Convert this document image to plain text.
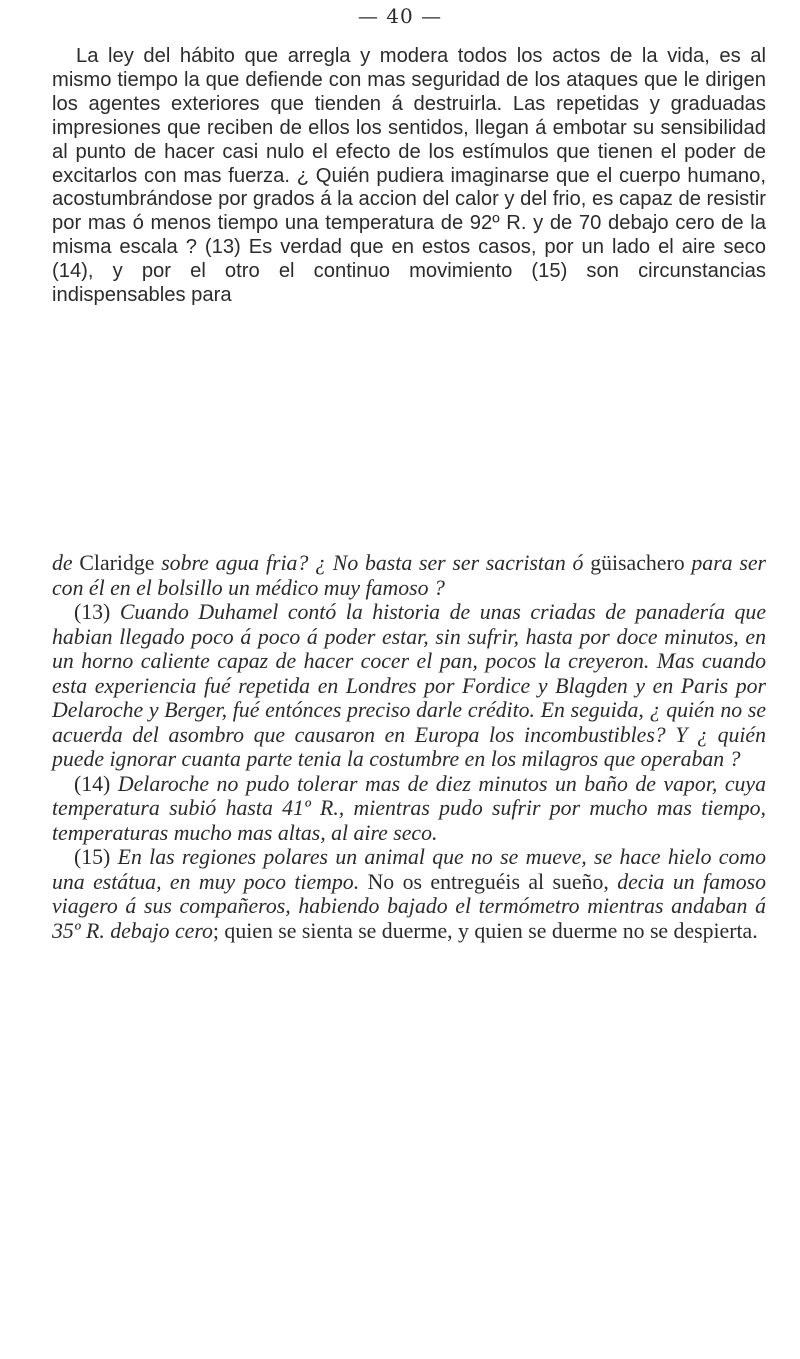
— 40 —

La ley del hábito que arregla y modera todos los actos de la vida, es al mismo tiempo la que defiende con mas seguridad de los ataques que le dirigen los agentes exteriores que tienden á destruirla. Las repetidas y graduadas impresiones que reciben de ellos los sentidos, llegan á embotar su sensibilidad al punto de hacer casi nulo el efecto de los estímulos que tienen el poder de excitarlos con mas fuerza. ¿ Quién pudiera imaginarse que el cuerpo humano, acostumbrándose por grados á la accion del calor y del frio, es capaz de resistir por mas ó menos tiempo una temperatura de 92º R. y de 70 debajo cero de la misma escala ? (13) Es verdad que en estos casos, por un lado el aire seco (14), y por el otro el continuo movimiento (15) son circunstancias indispensables para

de Claridge sobre agua fria? ¿ No basta ser ser sacristan ó güisachero para ser con él en el bolsillo un médico muy famoso ?

(13) Cuando Duhamel contó la historia de unas criadas de panadería que habian llegado poco á poco á poder estar, sin sufrir, hasta por doce minutos, en un horno caliente capaz de hacer cocer el pan, pocos la creyeron. Mas cuando esta experiencia fué repetida en Londres por Fordice y Blagden y en Paris por Delaroche y Berger, fué entónces preciso darle crédito. En seguida, ¿ quién no se acuerda del asombro que causaron en Europa los incombustibles? Y ¿ quién puede ignorar cuanta parte tenia la costumbre en los milagros que operaban ?

(14) Delaroche no pudo tolerar mas de diez minutos un baño de vapor, cuya temperatura subió hasta 41º R., mientras pudo sufrir por mucho mas tiempo, temperaturas mucho mas altas, al aire seco.

(15) En las regiones polares un animal que no se mueve, se hace hielo como una estátua, en muy poco tiempo. No os entreguéis al sueño, decia un famoso viagero á sus compañeros, habiendo bajado el termómetro mientras andaban á 35º R. debajo cero; quien se sienta se duerme, y quien se duerme no se despierta.
